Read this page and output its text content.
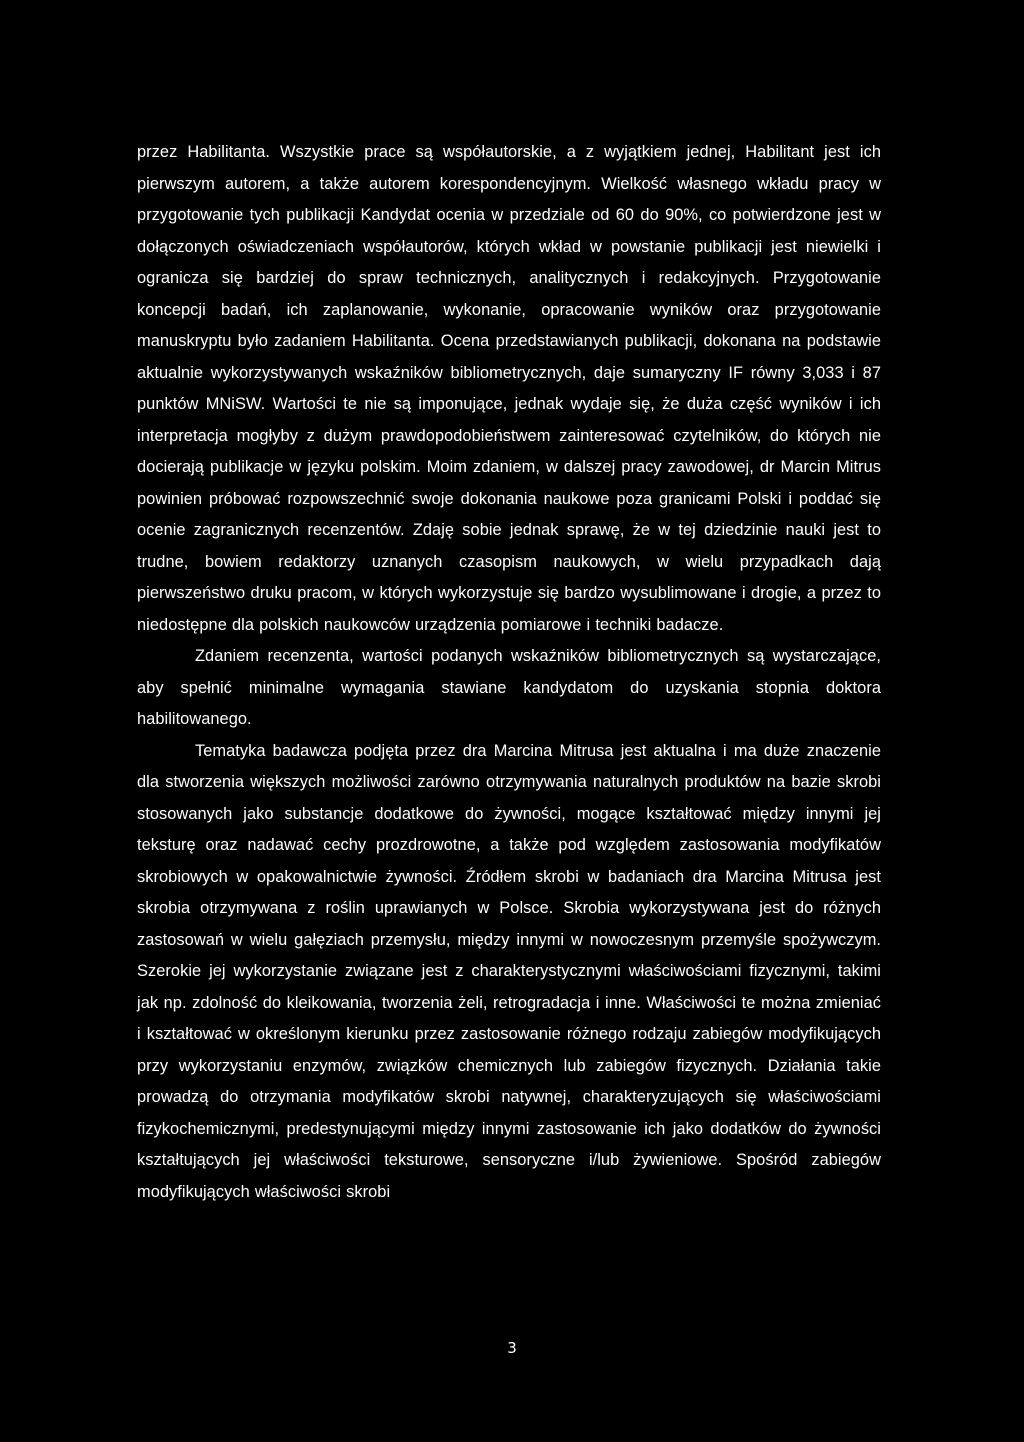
przez Habilitanta. Wszystkie prace są współautorskie, a z wyjątkiem jednej, Habilitant jest ich pierwszym autorem, a także autorem korespondencyjnym. Wielkość własnego wkładu pracy w przygotowanie tych publikacji Kandydat ocenia w przedziale od 60 do 90%, co potwierdzone jest w dołączonych oświadczeniach współautorów, których wkład w powstanie publikacji jest niewielki i ogranicza się bardziej do spraw technicznych, analitycznych i redakcyjnych. Przygotowanie koncepcji badań, ich zaplanowanie, wykonanie, opracowanie wyników oraz przygotowanie manuskryptu było zadaniem Habilitanta. Ocena przedstawianych publikacji, dokonana na podstawie aktualnie wykorzystywanych wskaźników bibliometrycznych, daje sumaryczny IF równy 3,033 i 87 punktów MNiSW. Wartości te nie są imponujące, jednak wydaje się, że duża część wyników i ich interpretacja mogłyby z dużym prawdopodobieństwem zainteresować czytelników, do których nie docierają publikacje w języku polskim. Moim zdaniem, w dalszej pracy zawodowej, dr Marcin Mitrus powinien próbować rozpowszechnić swoje dokonania naukowe poza granicami Polski i poddać się ocenie zagranicznych recenzentów. Zdaję sobie jednak sprawę, że w tej dziedzinie nauki jest to trudne, bowiem redaktorzy uznanych czasopism naukowych, w wielu przypadkach dają pierwszeństwo druku pracom, w których wykorzystuje się bardzo wysublimowane i drogie, a przez to niedostępne dla polskich naukowców urządzenia pomiarowe i techniki badacze.

Zdaniem recenzenta, wartości podanych wskaźników bibliometrycznych są wystarczające, aby spełnić minimalne wymagania stawiane kandydatom do uzyskania stopnia doktora habilitowanego.

Tematyka badawcza podjęta przez dra Marcina Mitrusa jest aktualna i ma duże znaczenie dla stworzenia większych możliwości zarówno otrzymywania naturalnych produktów na bazie skrobi stosowanych jako substancje dodatkowe do żywności, mogące kształtować między innymi jej teksturę oraz nadawać cechy prozdrowotne, a także pod względem zastosowania modyfikatów skrobiowych w opakowalnictwie żywności. Źródłem skrobi w badaniach dra Marcina Mitrusa jest skrobia otrzymywana z roślin uprawianych w Polsce. Skrobia wykorzystywana jest do różnych zastosowań w wielu gałęziach przemysłu, między innymi w nowoczesnym przemyśle spożywczym. Szerokie jej wykorzystanie związane jest z charakterystycznymi właściwościami fizycznymi, takimi jak np. zdolność do kleikowania, tworzenia żeli, retrogradacja i inne. Właściwości te można zmieniać i kształtować w określonym kierunku przez zastosowanie różnego rodzaju zabiegów modyfikujących przy wykorzystaniu enzymów, związków chemicznych lub zabiegów fizycznych. Działania takie prowadzą do otrzymania modyfikatów skrobi natywnej, charakteryzujących się właściwościami fizykochemicznymi, predestynującymi między innymi zastosowanie ich jako dodatków do żywności kształtujących jej właściwości teksturowe, sensoryczne i/lub żywieniowe. Spośród zabiegów modyfikujących właściwości skrobi

3
